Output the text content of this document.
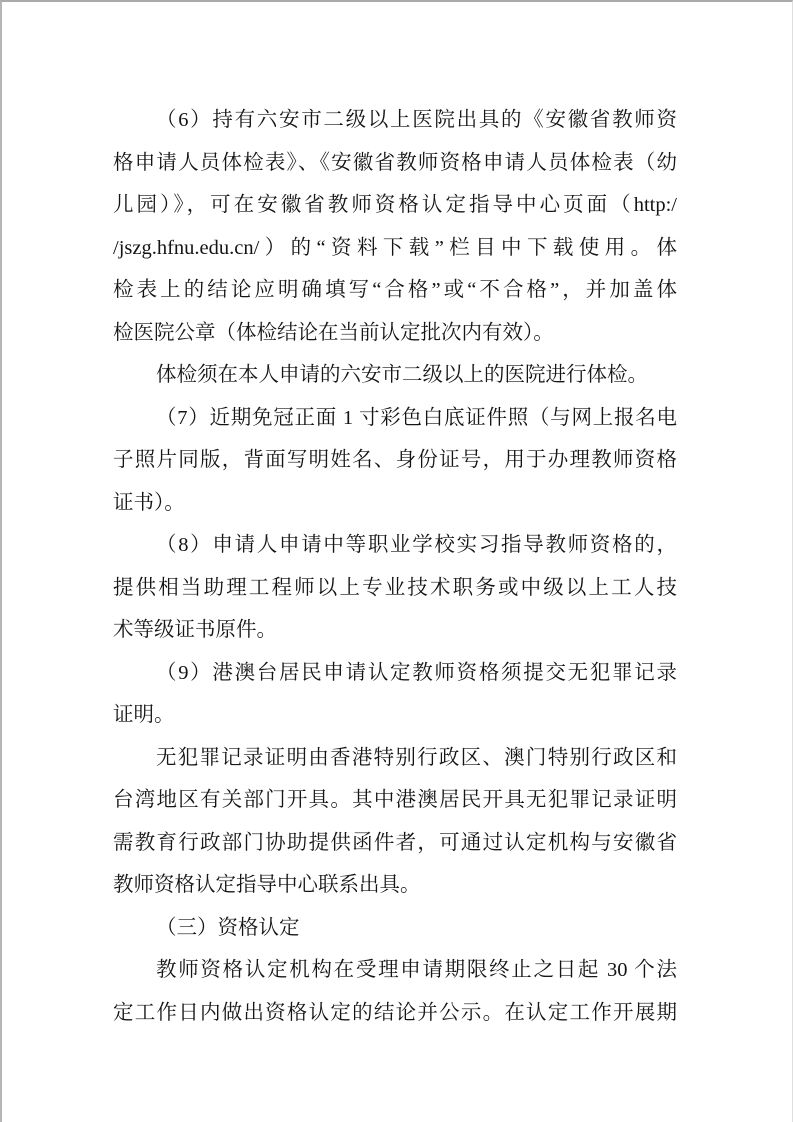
（6）持有六安市二级以上医院出具的《安徽省教师资
格申请人员体检表》、《安徽省教师资格申请人员体检表（幼
儿园）》，可在安徽省教师资格认定指导中心页面（http:/
/jszg.hfnu.edu.cn/）的“资料下载”栏目中下载使用。体
检表上的结论应明确填写“合格”或“不合格”，并加盖体
检医院公章（体检结论在当前认定批次内有效）。
体检须在本人申请的六安市二级以上的医院进行体检。
（7）近期免冠正面 1 寸彩色白底证件照（与网上报名电
子照片同版，背面写明姓名、身份证号，用于办理教师资格
证书）。
（8）申请人申请中等职业学校实习指导教师资格的，
提供相当助理工程师以上专业技术职务或中级以上工人技
术等级证书原件。
（9）港澳台居民申请认定教师资格须提交无犯罪记录
证明。
无犯罪记录证明由香港特别行政区、澳门特别行政区和
台湾地区有关部门开具。其中港澳居民开具无犯罪记录证明
需教育行政部门协助提供函件者，可通过认定机构与安徽省
教师资格认定指导中心联系出具。
（三）资格认定
教师资格认定机构在受理申请期限终止之日起 30 个法
定工作日内做出资格认定的结论并公示。在认定工作开展期
